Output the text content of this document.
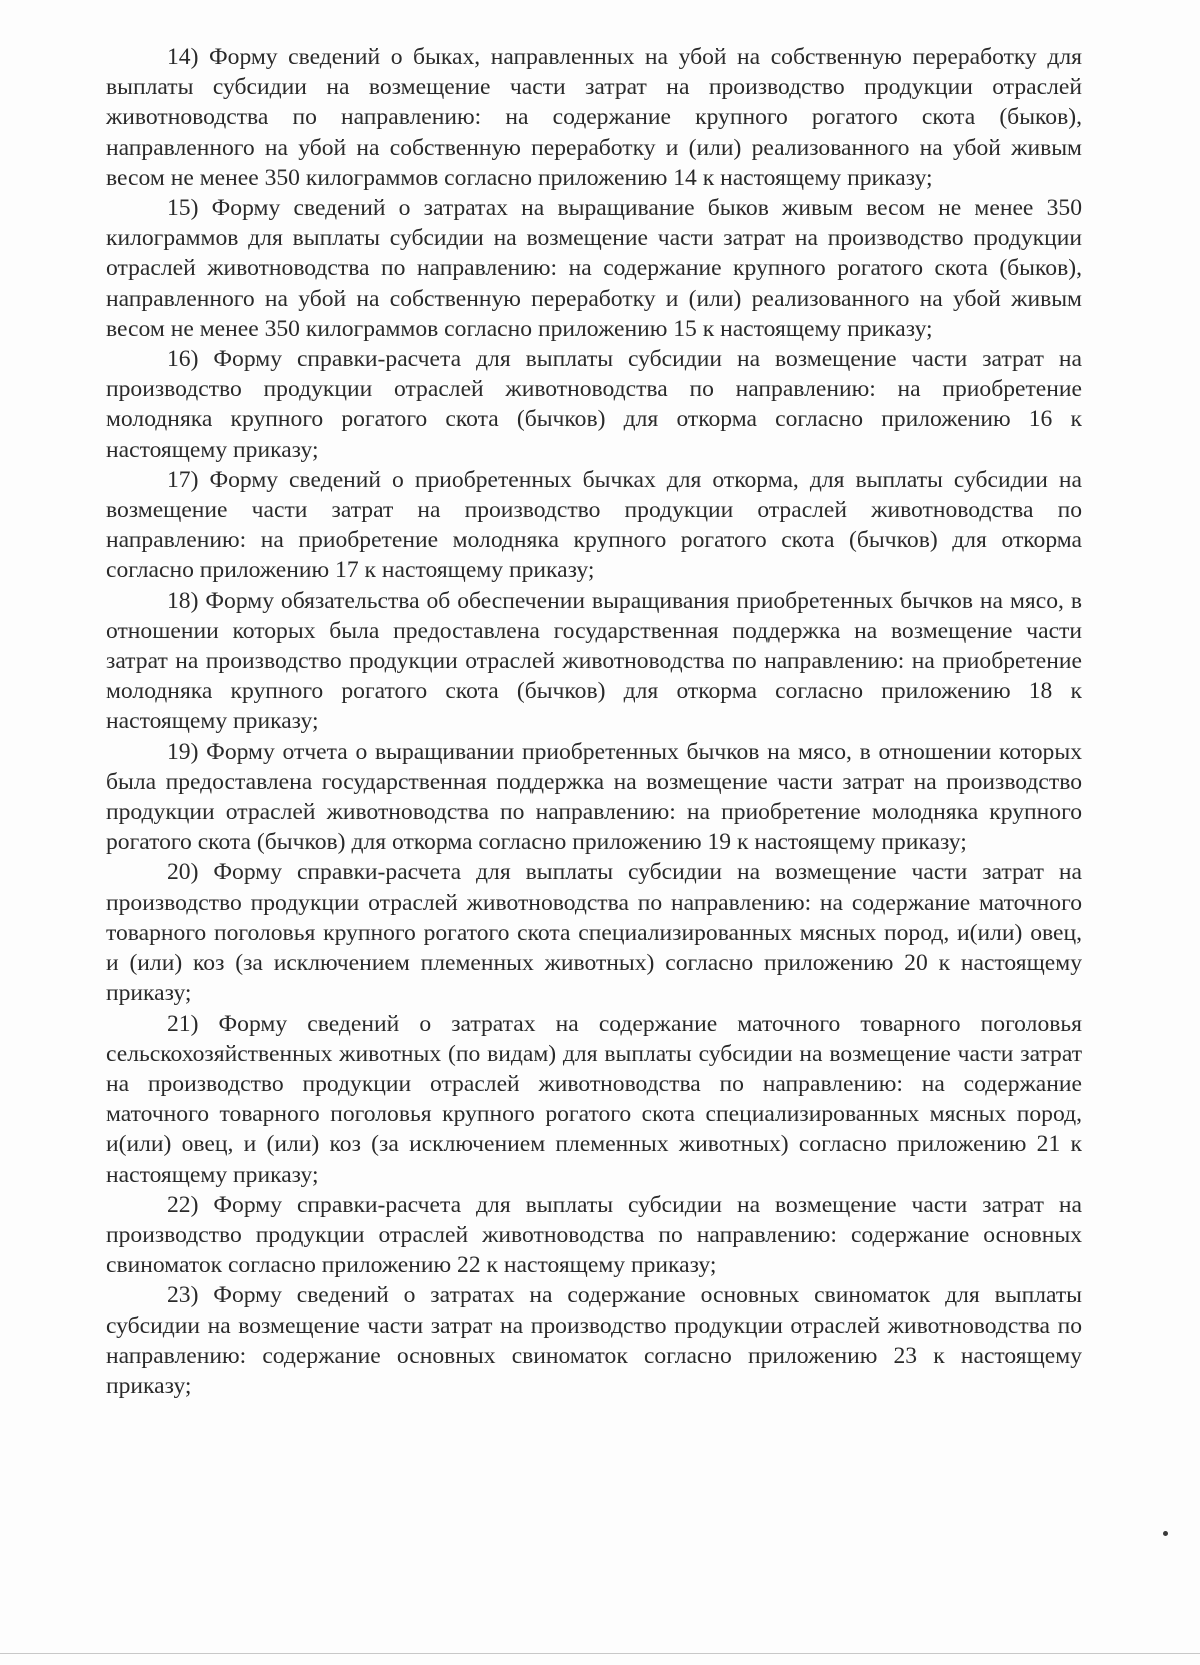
14) Форму сведений о быках, направленных на убой на собственную переработку для выплаты субсидии на возмещение части затрат на производство продукции отраслей животноводства по направлению: на содержание крупного рогатого скота (быков), направленного на убой на собственную переработку и (или) реализованного на убой живым весом не менее 350 килограммов согласно приложению 14 к настоящему приказу;

15) Форму сведений о затратах на выращивание быков живым весом не менее 350 килограммов для выплаты субсидии на возмещение части затрат на производство продукции отраслей животноводства по направлению: на содержание крупного рогатого скота (быков), направленного на убой на собственную переработку и (или) реализованного на убой живым весом не менее 350 килограммов согласно приложению 15 к настоящему приказу;

16) Форму справки-расчета для выплаты субсидии на возмещение части затрат на производство продукции отраслей животноводства по направлению: на приобретение молодняка крупного рогатого скота (бычков) для откорма согласно приложению 16 к настоящему приказу;

17) Форму сведений о приобретенных бычках для откорма, для выплаты субсидии на возмещение части затрат на производство продукции отраслей животноводства по направлению: на приобретение молодняка крупного рогатого скота (бычков) для откорма согласно приложению 17 к настоящему приказу;

18) Форму обязательства об обеспечении выращивания приобретенных бычков на мясо, в отношении которых была предоставлена государственная поддержка на возмещение части затрат на производство продукции отраслей животноводства по направлению: на приобретение молодняка крупного рогатого скота (бычков) для откорма согласно приложению 18 к настоящему приказу;

19) Форму отчета о выращивании приобретенных бычков на мясо, в отношении которых была предоставлена государственная поддержка на возмещение части затрат на производство продукции отраслей животноводства по направлению: на приобретение молодняка крупного рогатого скота (бычков) для откорма согласно приложению 19 к настоящему приказу;

20) Форму справки-расчета для выплаты субсидии на возмещение части затрат на производство продукции отраслей животноводства по направлению: на содержание маточного товарного поголовья крупного рогатого скота специализированных мясных пород, и(или) овец, и (или) коз (за исключением племенных животных) согласно приложению 20 к настоящему приказу;

21) Форму сведений о затратах на содержание маточного товарного поголовья сельскохозяйственных животных (по видам) для выплаты субсидии на возмещение части затрат на производство продукции отраслей животноводства по направлению: на содержание маточного товарного поголовья крупного рогатого скота специализированных мясных пород, и(или) овец, и (или) коз (за исключением племенных животных) согласно приложению 21 к настоящему приказу;

22) Форму справки-расчета для выплаты субсидии на возмещение части затрат на производство продукции отраслей животноводства по направлению: содержание основных свиноматок согласно приложению 22 к настоящему приказу;

23) Форму сведений о затратах на содержание основных свиноматок для выплаты субсидии на возмещение части затрат на производство продукции отраслей животноводства по направлению: содержание основных свиноматок согласно приложению 23 к настоящему приказу;
